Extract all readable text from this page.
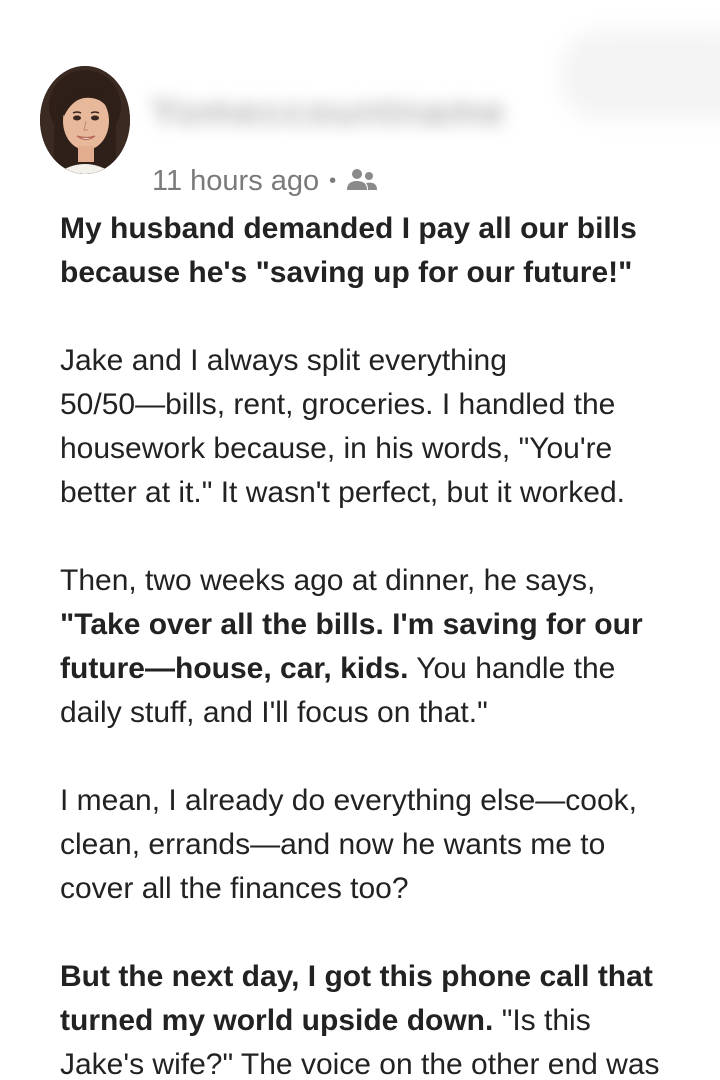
Yomeccountname
11 hours ago •
My husband demanded I pay all our bills
because he's "saving up for our future!"

Jake and I always split everything
50/50—bills, rent, groceries. I handled the
housework because, in his words, "You're
better at it." It wasn't perfect, but it worked.

Then, two weeks ago at dinner, he says,
"Take over all the bills. I'm saving for our
future—house, car, kids. You handle the
daily stuff, and I'll focus on that."

I mean, I already do everything else—cook,
clean, errands—and now he wants me to
cover all the finances too?

But the next day, I got this phone call that
turned my world upside down. "Is this
Jake's wife?" The voice on the other end was
